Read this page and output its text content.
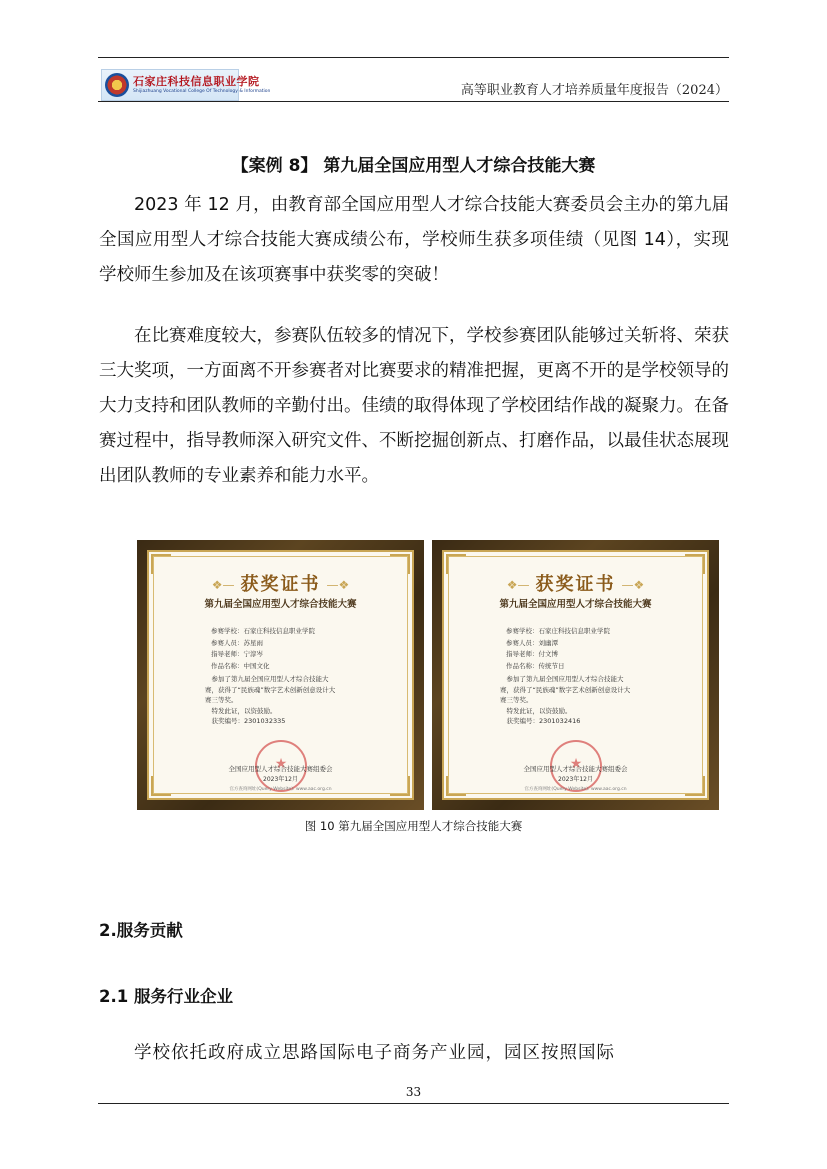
石家庄科技信息职业学院
Shijiazhuang Vocational College Of Technology & Information	高等职业教育人才培养质量年度报告（2024）
【案例 8】 第九届全国应用型人才综合技能大赛

2023 年 12 月，由教育部全国应用型人才综合技能大赛委员会主办的第九届全国应用型人才综合技能大赛成绩公布，学校师生获多项佳绩（见图 14），实现学校师生参加及在该项赛事中获奖零的突破！

在比赛难度较大，参赛队伍较多的情况下，学校参赛团队能够过关斩将、荣获三大奖项，一方面离不开参赛者对比赛要求的精准把握，更离不开的是学校领导的大力支持和团队教师的辛勤付出。佳绩的取得体现了学校团结作战的凝聚力。在备赛过程中，指导教师深入研究文件、不断挖掘创新点、打磨作品，以最佳状态展现出团队教师的专业素养和能力水平。

❖— 获奖证书 —❖
第九届全国应用型人才综合技能大赛
参赛学校：石家庄科技信息职业学院
参赛人员：苏星雨
指导老师：宁淳岑
作品名称：中国文化
参加了第九届全国应用型人才综合技能大
赛，获得了“民族魂”数字艺术创新创意设计大
赛三等奖。
特发此证，以资鼓励。
获奖编号：2301032335
★
全国应用型人才综合技能大赛组委会
2023年12月
官方查询网址(Query Website): www.aac.org.cn
❖— 获奖证书 —❖
第九届全国应用型人才综合技能大赛
参赛学校：石家庄科技信息职业学院
参赛人员：刘幽潭
指导老师：付文博
作品名称：传统节日
参加了第九届全国应用型人才综合技能大
赛，获得了“民族魂”数字艺术创新创意设计大
赛三等奖。
特发此证，以资鼓励。
获奖编号：2301032416
★
全国应用型人才综合技能大赛组委会
2023年12月
官方查询网址(Query Website): www.aac.org.cn
图 10 第九届全国应用型人才综合技能大赛
2.服务贡献
2.1 服务行业企业

学校依托政府成立思路国际电子商务产业园，园区按照国际

33
